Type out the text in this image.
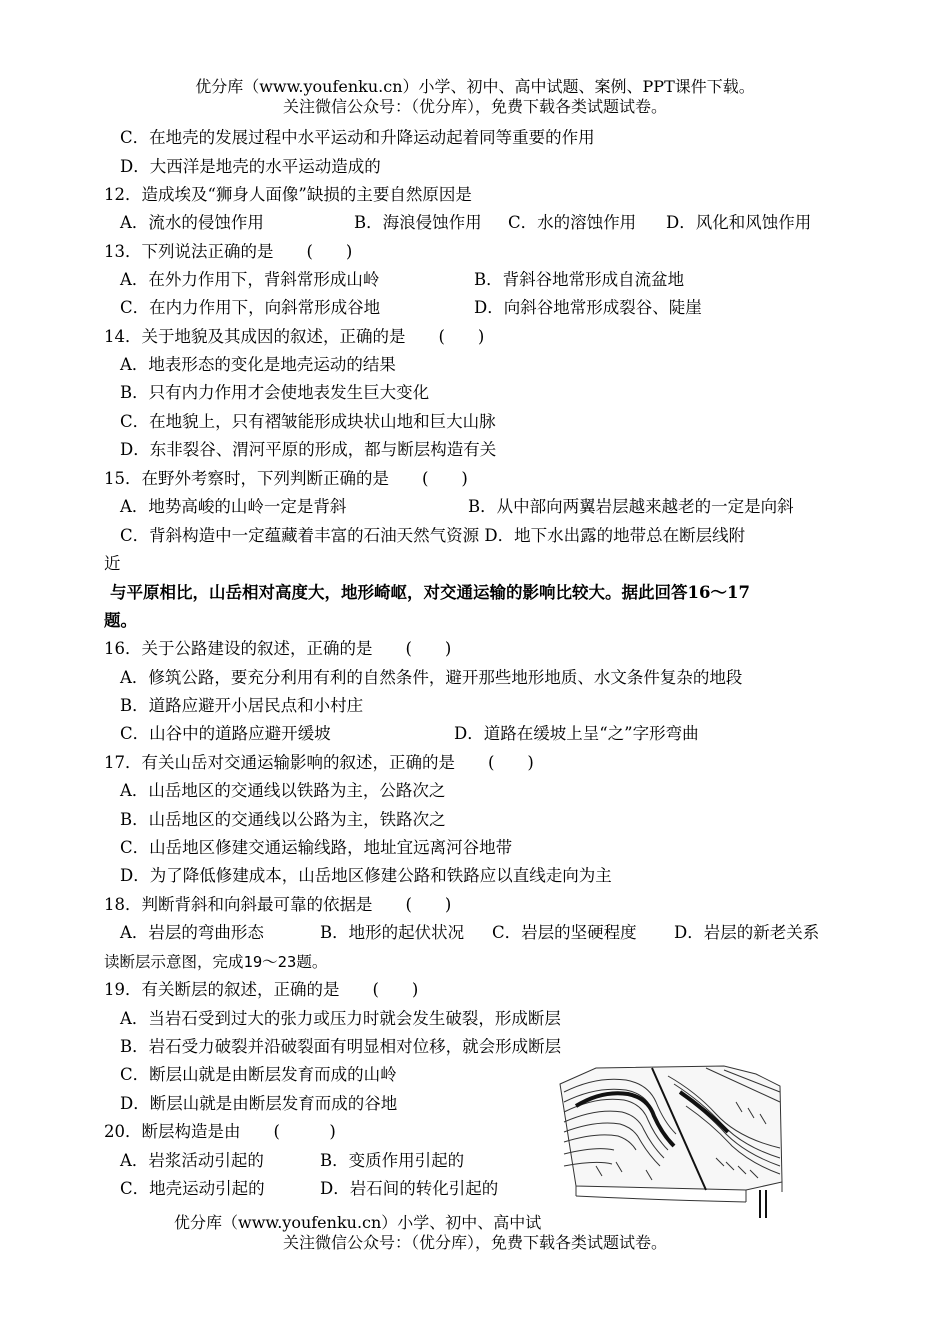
优分库（www.youfenku.cn）小学、初中、高中试题、案例、PPT课件下载。
关注微信公众号：（优分库），免费下载各类试题试卷。
C．在地壳的发展过程中水平运动和升降运动起着同等重要的作用
D．大西洋是地壳的水平运动造成的
12．造成埃及“狮身人面像”缺损的主要自然原因是
A．流水的侵蚀作用	B．海浪侵蚀作用 C．水的溶蚀作用 D．风化和风蚀作用
13．下列说法正确的是　　(　　)
A．在外力作用下，背斜常形成山岭	B．背斜谷地常形成自流盆地
C．在内力作用下，向斜常形成谷地	D．向斜谷地常形成裂谷、陡崖
14．关于地貌及其成因的叙述，正确的是　　(　　)
A．地表形态的变化是地壳运动的结果
B．只有内力作用才会使地表发生巨大变化
C．在地貌上，只有褶皱能形成块状山地和巨大山脉
D．东非裂谷、渭河平原的形成，都与断层构造有关
15．在野外考察时，下列判断正确的是　　(　　)
A．地势高峻的山岭一定是背斜	B．从中部向两翼岩层越来越老的一定是向斜
C．背斜构造中一定蕴藏着丰富的石油天然气资源 D．地下水出露的地带总在断层线附
近
与平原相比，山岳相对高度大，地形崎岖，对交通运输的影响比较大。据此回答16～17
题。
16．关于公路建设的叙述，正确的是　　(　　)
A．修筑公路，要充分利用有利的自然条件，避开那些地形地质、水文条件复杂的地段
B．道路应避开小居民点和小村庄
C．山谷中的道路应避开缓坡	D．道路在缓坡上呈“之”字形弯曲
17．有关山岳对交通运输影响的叙述，正确的是　　(　　)
A．山岳地区的交通线以铁路为主，公路次之
B．山岳地区的交通线以公路为主，铁路次之
C．山岳地区修建交通运输线路，地址宜远离河谷地带
D．为了降低修建成本，山岳地区修建公路和铁路应以直线走向为主
18．判断背斜和向斜最可靠的依据是　　(　　)
A．岩层的弯曲形态	B．地形的起伏状况 C．岩层的坚硬程度 D．岩层的新老关系
读断层示意图，完成19～23题。
19．有关断层的叙述，正确的是　　(　　)
A．当岩石受到过大的张力或压力时就会发生破裂，形成断层
B．岩石受力破裂并沿破裂面有明显相对位移，就会形成断层
C．断层山就是由断层发育而成的山岭
D．断层山就是由断层发育而成的谷地
20．断层构造是由　　(　　　)
A．岩浆活动引起的	B．变质作用引起的
C．地壳运动引起的	D．岩石间的转化引起的
优分库（www.youfenku.cn）小学、初中、高中试
关注微信公众号：（优分库），免费下载各类试题试卷。
